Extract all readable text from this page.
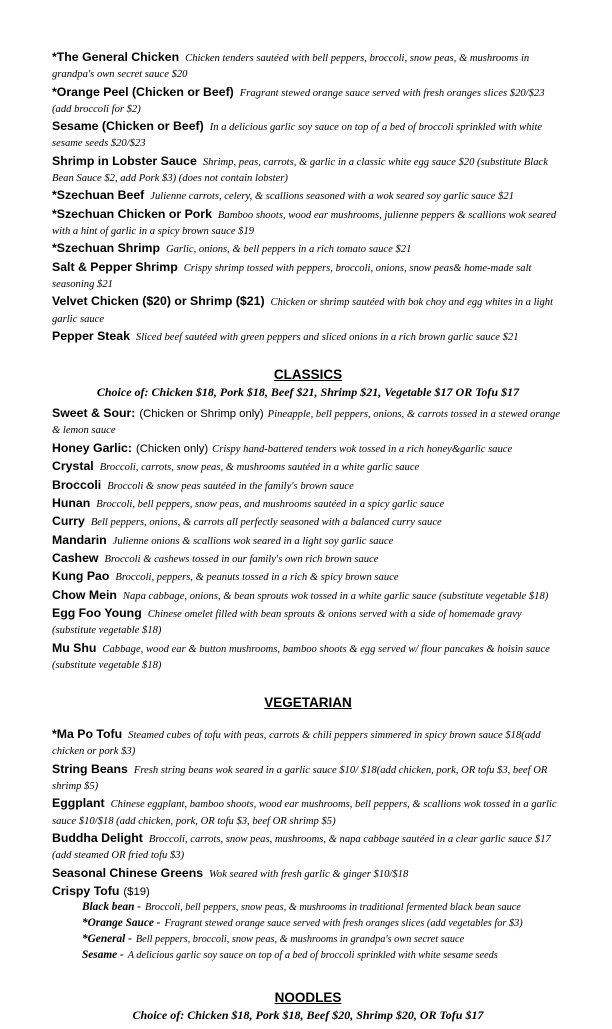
*The General Chicken Chicken tenders sautéed with bell peppers, broccoli, snow peas, & mushrooms in grandpa's own secret sauce $20
*Orange Peel (Chicken or Beef) Fragrant stewed orange sauce served with fresh oranges slices $20/$23 (add broccoli for $2)
Sesame (Chicken or Beef) In a delicious garlic soy sauce on top of a bed of broccoli sprinkled with white sesame seeds $20/$23
Shrimp in Lobster Sauce Shrimp, peas, carrots, & garlic in a classic white egg sauce $20 (substitute Black Bean Sauce $2, add Pork $3) (does not contain lobster)
*Szechuan Beef Julienne carrots, celery, & scallions seasoned with a wok seared soy garlic sauce $21
*Szechuan Chicken or Pork Bamboo shoots, wood ear mushrooms, julienne peppers & scallions wok seared with a hint of garlic in a spicy brown sauce $19
*Szechuan Shrimp Garlic, onions, & bell peppers in a rich tomato sauce $21
Salt & Pepper Shrimp Crispy shrimp tossed with peppers, broccoli, onions, snow peas& home-made salt seasoning $21
Velvet Chicken ($20) or Shrimp ($21) Chicken or shrimp sautéed with bok choy and egg whites in a light garlic sauce
Pepper Steak Sliced beef sautéed with green peppers and sliced onions in a rich brown garlic sauce $21
CLASSICS
Choice of: Chicken $18, Pork $18, Beef $21, Shrimp $21, Vegetable $17 OR Tofu $17
Sweet & Sour: (Chicken or Shrimp only) Pineapple, bell peppers, onions, & carrots tossed in a stewed orange & lemon sauce
Honey Garlic: (Chicken only) Crispy hand-battered tenders wok tossed in a rich honey&garlic sauce
Crystal Broccoli, carrots, snow peas, & mushrooms sautéed in a white garlic sauce
Broccoli Broccoli & snow peas sautéed in the family's brown sauce
Hunan Broccoli, bell peppers, snow peas, and mushrooms sautéed in a spicy garlic sauce
Curry Bell peppers, onions, & carrots all perfectly seasoned with a balanced curry sauce
Mandarin Julienne onions & scallions wok seared in a light soy garlic sauce
Cashew Broccoli & cashews tossed in our family's own rich brown sauce
Kung Pao Broccoli, peppers, & peanuts tossed in a rich & spicy brown sauce
Chow Mein Napa cabbage, onions, & bean sprouts wok tossed in a white garlic sauce (substitute vegetable $18)
Egg Foo Young Chinese omelet filled with bean sprouts & onions served with a side of homemade gravy (substitute vegetable $18)
Mu Shu Cabbage, wood ear & button mushrooms, bamboo shoots & egg served w/ flour pancakes & hoisin sauce (substitute vegetable $18)
VEGETARIAN
*Ma Po Tofu Steamed cubes of tofu with peas, carrots & chili peppers simmered in spicy brown sauce $18(add chicken or pork $3)
String Beans Fresh string beans wok seared in a garlic sauce $10/ $18(add chicken, pork, OR tofu $3, beef OR shrimp $5)
Eggplant Chinese eggplant, bamboo shoots, wood ear mushrooms, bell peppers, & scallions wok tossed in a garlic sauce $10/$18 (add chicken, pork, OR tofu $3, beef OR shrimp $5)
Buddha Delight Broccoli, carrots, snow peas, mushrooms, & napa cabbage sautéed in a clear garlic sauce $17 (add steamed OR fried tofu $3)
Seasonal Chinese Greens Wok seared with fresh garlic & ginger $10/$18
Crispy Tofu ($19)
Black bean - Broccoli, bell peppers, snow peas, & mushrooms in traditional fermented black bean sauce
*Orange Sauce - Fragrant stewed orange sauce served with fresh oranges slices (add vegetables for $3)
*General - Bell peppers, broccoli, snow peas, & mushrooms in grandpa's own secret sauce
Sesame - A delicious garlic soy sauce on top of a bed of broccoli sprinkled with white sesame seeds
NOODLES
Choice of: Chicken $18, Pork $18, Beef $20, Shrimp $20, OR Tofu $17
